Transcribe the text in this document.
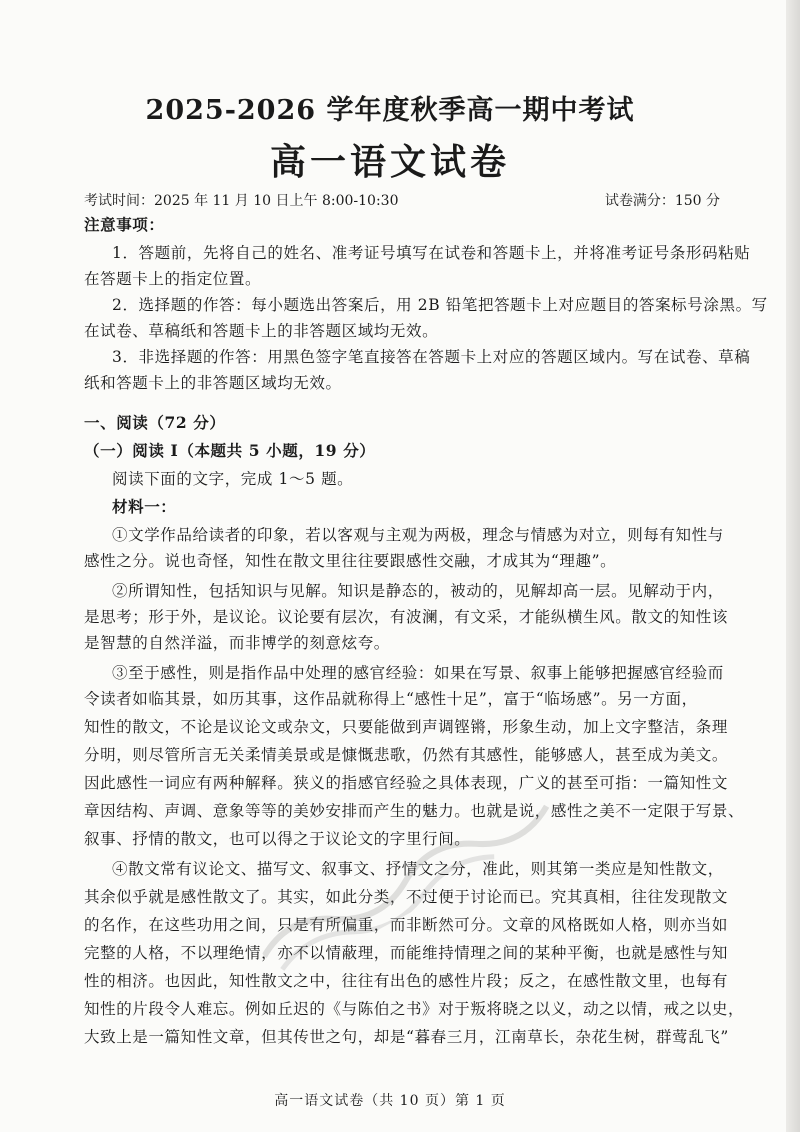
2025-2026 学年度秋季高一期中考试
高一语文试卷
考试时间：2025 年 11 月 10 日上午 8:00-10:30	试卷满分：150 分
注意事项：
1．答题前，先将自己的姓名、准考证号填写在试卷和答题卡上，并将准考证号条形码粘贴
在答题卡上的指定位置。
2．选择题的作答：每小题选出答案后，用 2B 铅笔把答题卡上对应题目的答案标号涂黑。写
在试卷、草稿纸和答题卡上的非答题区域均无效。
3．非选择题的作答：用黑色签字笔直接答在答题卡上对应的答题区域内。写在试卷、草稿
纸和答题卡上的非答题区域均无效。
一、阅读（72 分）
（一）阅读 I（本题共 5 小题，19 分）
阅读下面的文字，完成 1～5 题。
材料一：
①文学作品给读者的印象，若以客观与主观为两极，理念与情感为对立，则每有知性与
感性之分。说也奇怪，知性在散文里往往要跟感性交融，才成其为“理趣”。
②所谓知性，包括知识与见解。知识是静态的，被动的，见解却高一层。见解动于内，
是思考；形于外，是议论。议论要有层次，有波澜，有文采，才能纵横生风。散文的知性该
是智慧的自然洋溢，而非博学的刻意炫夸。
③至于感性，则是指作品中处理的感官经验：如果在写景、叙事上能够把握感官经验而
令读者如临其景，如历其事，这作品就称得上“感性十足”，富于“临场感”。另一方面，
知性的散文，不论是议论文或杂文，只要能做到声调铿锵，形象生动，加上文字整洁，条理
分明，则尽管所言无关柔情美景或是慷慨悲歌，仍然有其感性，能够感人，甚至成为美文。
因此感性一词应有两种解释。狭义的指感官经验之具体表现，广义的甚至可指：一篇知性文
章因结构、声调、意象等等的美妙安排而产生的魅力。也就是说，感性之美不一定限于写景、
叙事、抒情的散文，也可以得之于议论文的字里行间。
④散文常有议论文、描写文、叙事文、抒情文之分，准此，则其第一类应是知性散文，
其余似乎就是感性散文了。其实，如此分类，不过便于讨论而已。究其真相，往往发现散文
的名作，在这些功用之间，只是有所偏重，而非断然可分。文章的风格既如人格，则亦当如
完整的人格，不以理绝情，亦不以情蔽理，而能维持情理之间的某种平衡，也就是感性与知
性的相济。也因此，知性散文之中，往往有出色的感性片段；反之，在感性散文里，也每有
知性的片段令人难忘。例如丘迟的《与陈伯之书》对于叛将晓之以义，动之以情，戒之以史，
大致上是一篇知性文章，但其传世之句，却是“暮春三月，江南草长，杂花生树，群莺乱飞”
高一语文试卷（共 10 页）第 1 页
